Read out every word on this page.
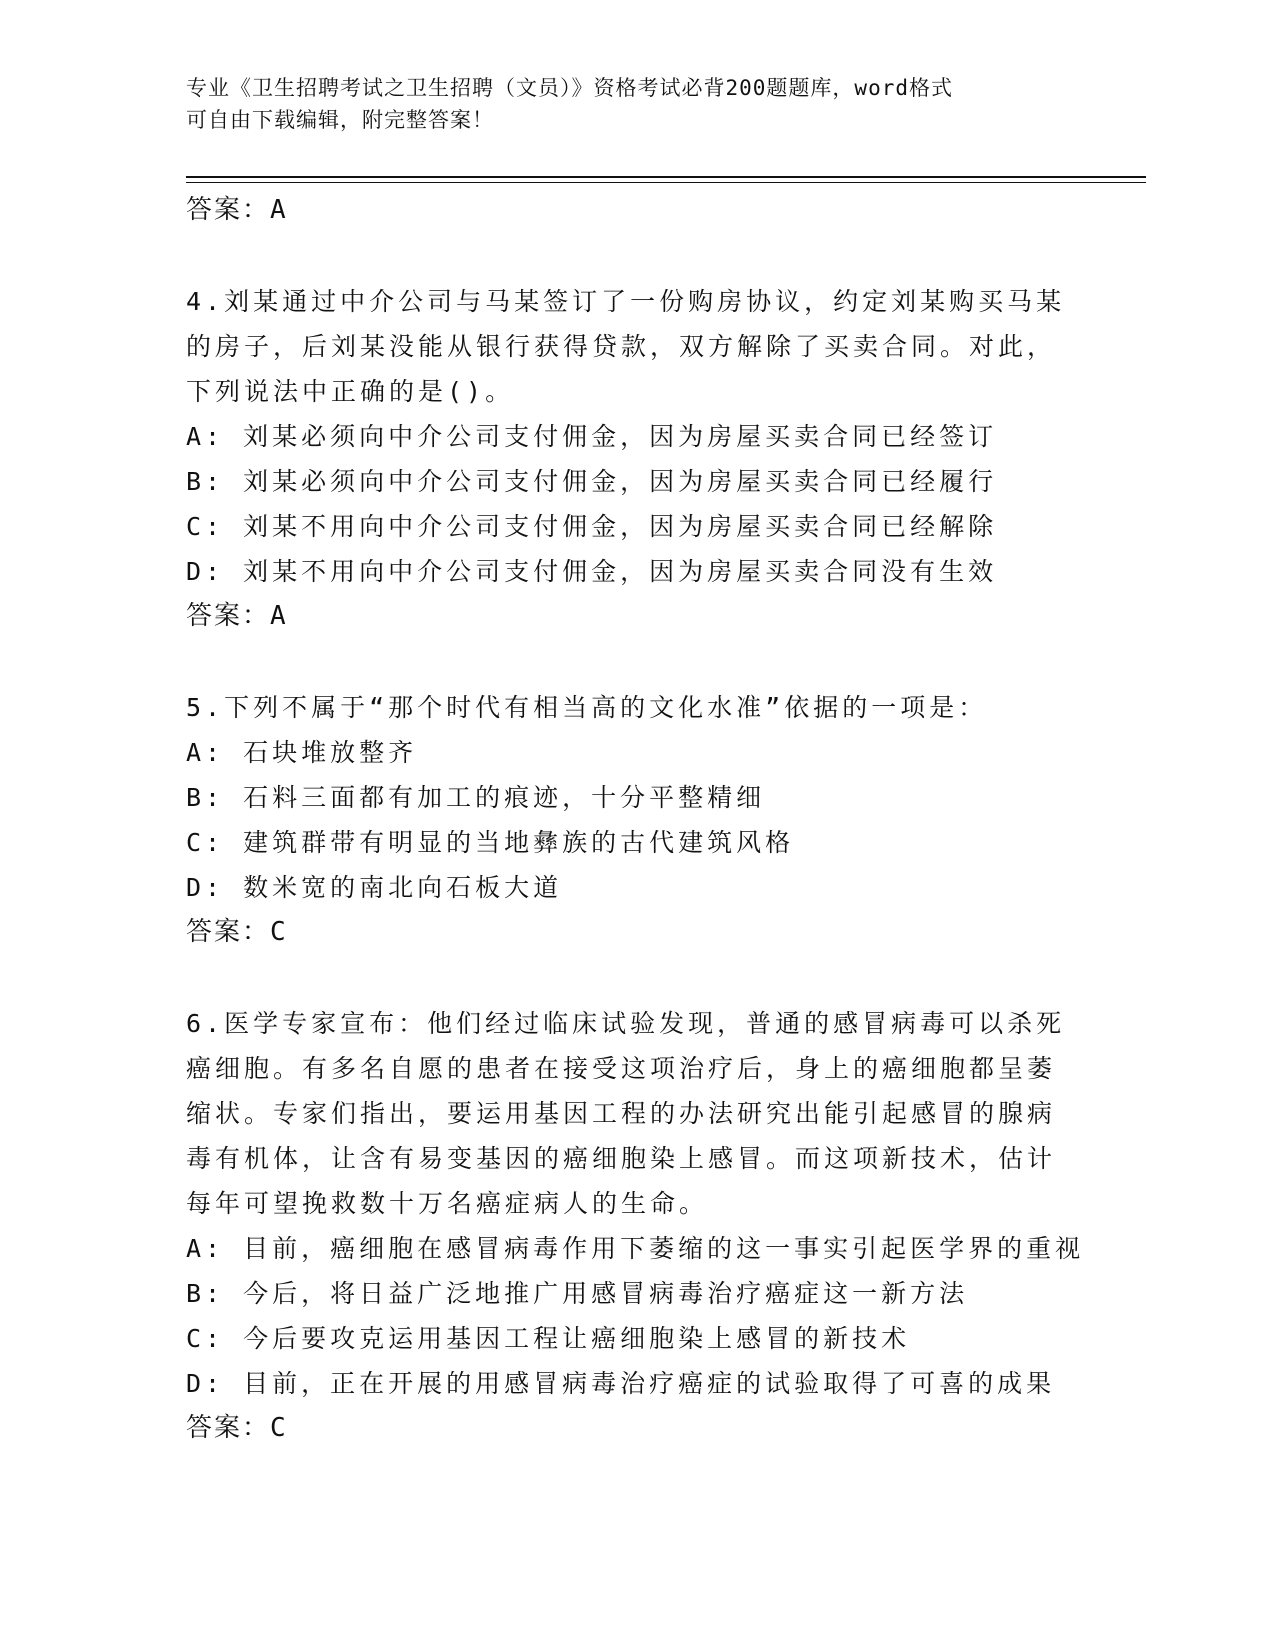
专业《卫生招聘考试之卫生招聘（文员）》资格考试必背200题题库，word格式
可自由下载编辑，附完整答案！
答案：A
4.刘某通过中介公司与马某签订了一份购房协议，约定刘某购买马某
的房子，后刘某没能从银行获得贷款，双方解除了买卖合同。对此，
下列说法中正确的是()。
A: 刘某必须向中介公司支付佣金，因为房屋买卖合同已经签订
B: 刘某必须向中介公司支付佣金，因为房屋买卖合同已经履行
C: 刘某不用向中介公司支付佣金，因为房屋买卖合同已经解除
D: 刘某不用向中介公司支付佣金，因为房屋买卖合同没有生效
答案：A
5.下列不属于“那个时代有相当高的文化水准”依据的一项是：
A: 石块堆放整齐
B: 石料三面都有加工的痕迹，十分平整精细
C: 建筑群带有明显的当地彝族的古代建筑风格
D: 数米宽的南北向石板大道
答案：C
6.医学专家宣布：他们经过临床试验发现，普通的感冒病毒可以杀死
癌细胞。有多名自愿的患者在接受这项治疗后，身上的癌细胞都呈萎
缩状。专家们指出，要运用基因工程的办法研究出能引起感冒的腺病
毒有机体，让含有易变基因的癌细胞染上感冒。而这项新技术，估计
每年可望挽救数十万名癌症病人的生命。
A: 目前，癌细胞在感冒病毒作用下萎缩的这一事实引起医学界的重视
B: 今后，将日益广泛地推广用感冒病毒治疗癌症这一新方法
C: 今后要攻克运用基因工程让癌细胞染上感冒的新技术
D: 目前，正在开展的用感冒病毒治疗癌症的试验取得了可喜的成果
答案：C
